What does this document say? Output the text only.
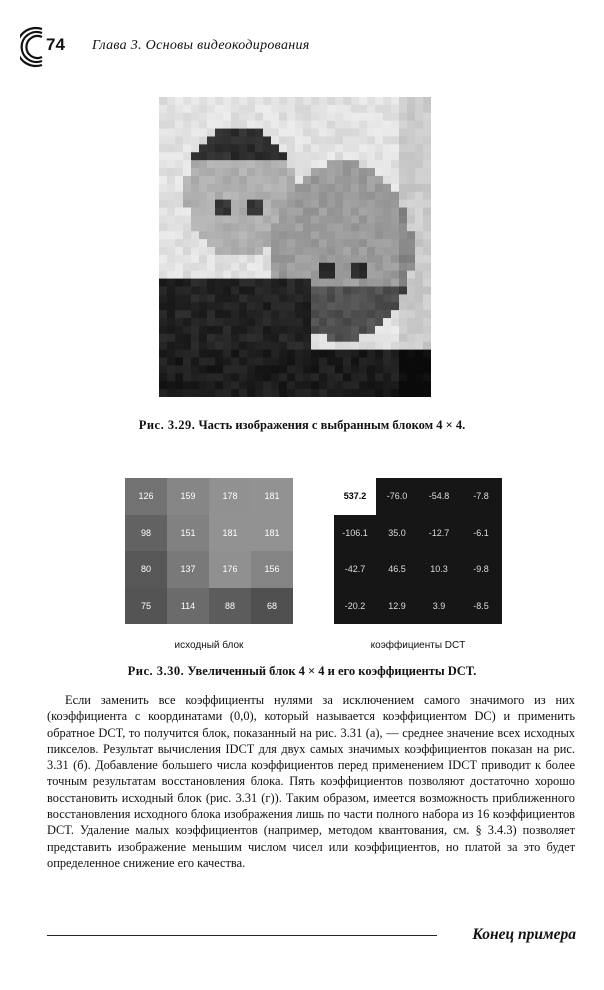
74 Глава 3. Основы видеокодирования
Рис. 3.29. Часть изображения с выбранным блоком 4 × 4.
126	159	178	181
98	151	181	181
80	137	176	156
75	114	88	68
исходный блок
537.2	-76.0	-54.8	-7.8
-106.1	35.0	-12.7	-6.1
-42.7	46.5	10.3	-9.8
-20.2	12.9	3.9	-8.5
коэффициенты DCT
Рис. 3.30. Увеличенный блок 4 × 4 и его коэффициенты DCT.

Если заменить все коэффициенты нулями за исключением самого значимого из них (коэффициента с координатами (0,0), который называется коэффициентом DC) и применить обратное DCT, то получится блок, показанный на рис. 3.31 (а), — среднее значение всех исходных пикселов. Результат вычисления IDCT для двух самых значимых коэффициентов показан на рис. 3.31 (б). Добавление большего числа коэффициентов перед применением IDCT приводит к более точным результатам восстановления блока. Пять коэффициентов позволяют достаточно хорошо восстановить исходный блок (рис. 3.31 (г)). Таким образом, имеется возможность приближенного восстановления исходного блока изображения лишь по части полного набора из 16 коэффициентов DCT. Удаление малых коэффициентов (например, методом квантования, см. § 3.4.3) позволяет представить изображение меньшим числом чисел или коэффициентов, но платой за это будет определенное снижение его качества.

Конец примера
